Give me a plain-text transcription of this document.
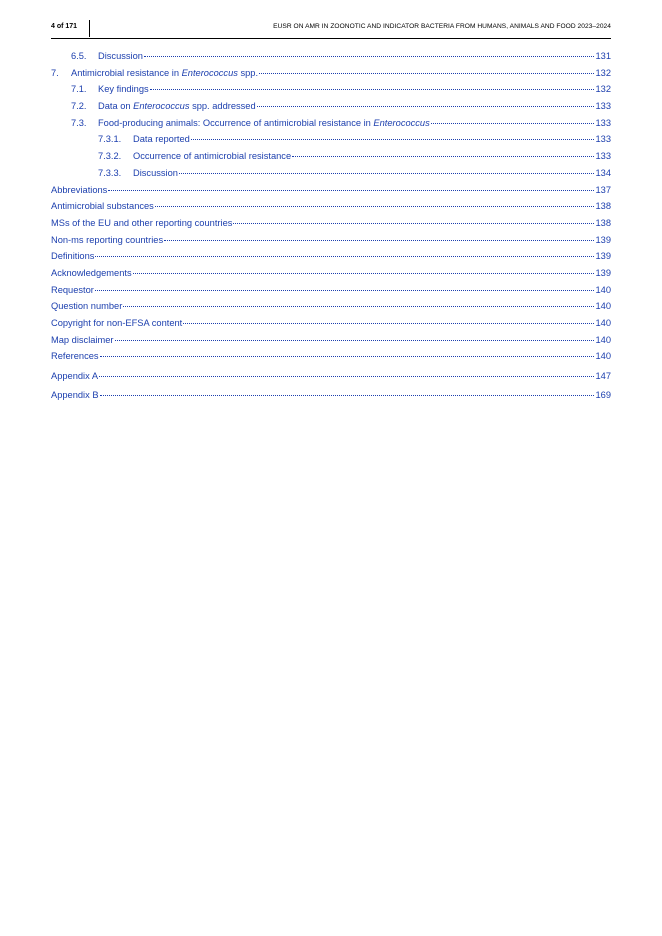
4 of 171	EUSR ON AMR IN ZOONOTIC AND INDICATOR BACTERIA FROM HUMANS, ANIMALS AND FOOD 2023–2024
6.5.	Discussion	131
7.	Antimicrobial resistance in Enterococcus spp.	132
7.1.	Key findings	132
7.2.	Data on Enterococcus spp. addressed	133
7.3.	Food-producing animals: Occurrence of antimicrobial resistance in Enterococcus	133
7.3.1.	Data reported	133
7.3.2.	Occurrence of antimicrobial resistance	133
7.3.3.	Discussion	134
Abbreviations	137
Antimicrobial substances	138
MSs of the EU and other reporting countries	138
Non-ms reporting countries	139
Definitions	139
Acknowledgements	139
Requestor	140
Question number	140
Copyright for non-EFSA content	140
Map disclaimer	140
References	140
Appendix A	147
Appendix B	169
